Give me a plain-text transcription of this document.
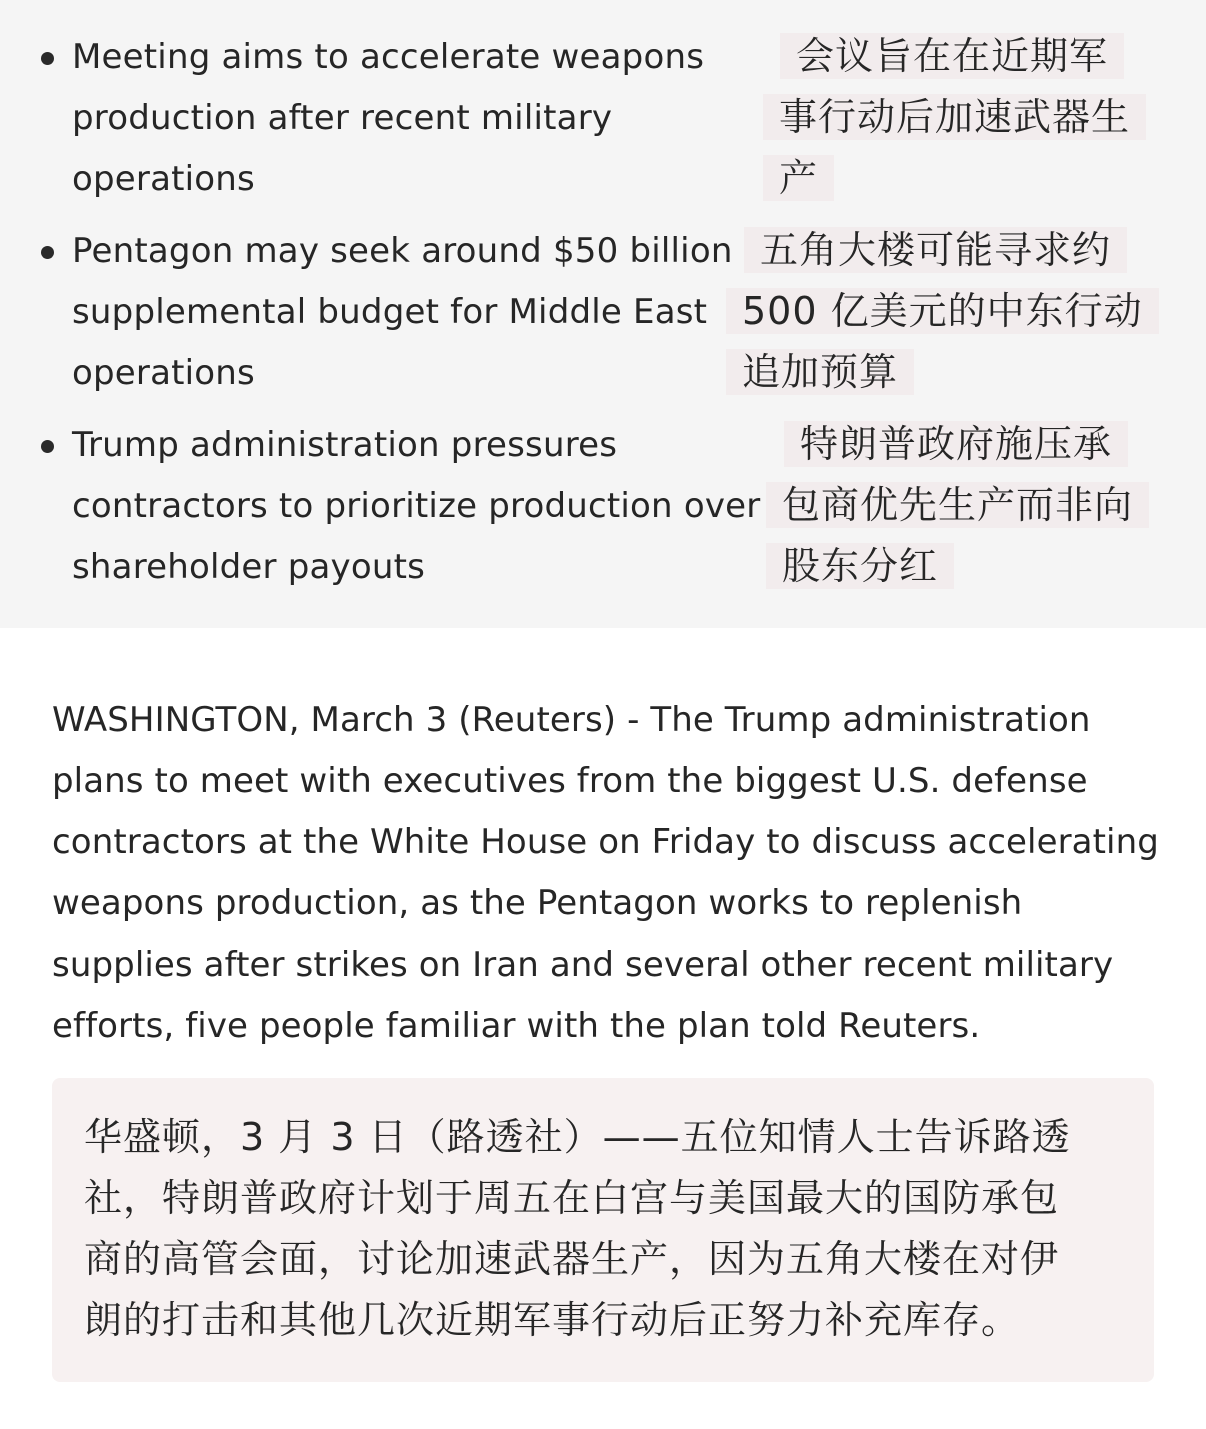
Meeting aims to accelerate weapons
production after recent military
operations
会议旨在在近期军
事行动后加速武器生
产
Pentagon may seek around $50 billion
supplemental budget for Middle East
operations
五角大楼可能寻求约
500 亿美元的中东行动
追加预算
Trump administration pressures
contractors to prioritize production over
shareholder payouts
特朗普政府施压承
包商优先生产而非向
股东分红
WASHINGTON, March 3 (Reuters) - The Trump administration
plans to meet with executives from the biggest U.S. defense
contractors at the White House on Friday to discuss accelerating
weapons production, as the Pentagon works to replenish
supplies after strikes on Iran and several other recent military
efforts, five people familiar with the plan told Reuters.
华盛顿，3 月 3 日（路透社）——五位知情人士告诉路透
社，特朗普政府计划于周五在白宫与美国最大的国防承包
商的高管会面，讨论加速武器生产，因为五角大楼在对伊
朗的打击和其他几次近期军事行动后正努力补充库存。
